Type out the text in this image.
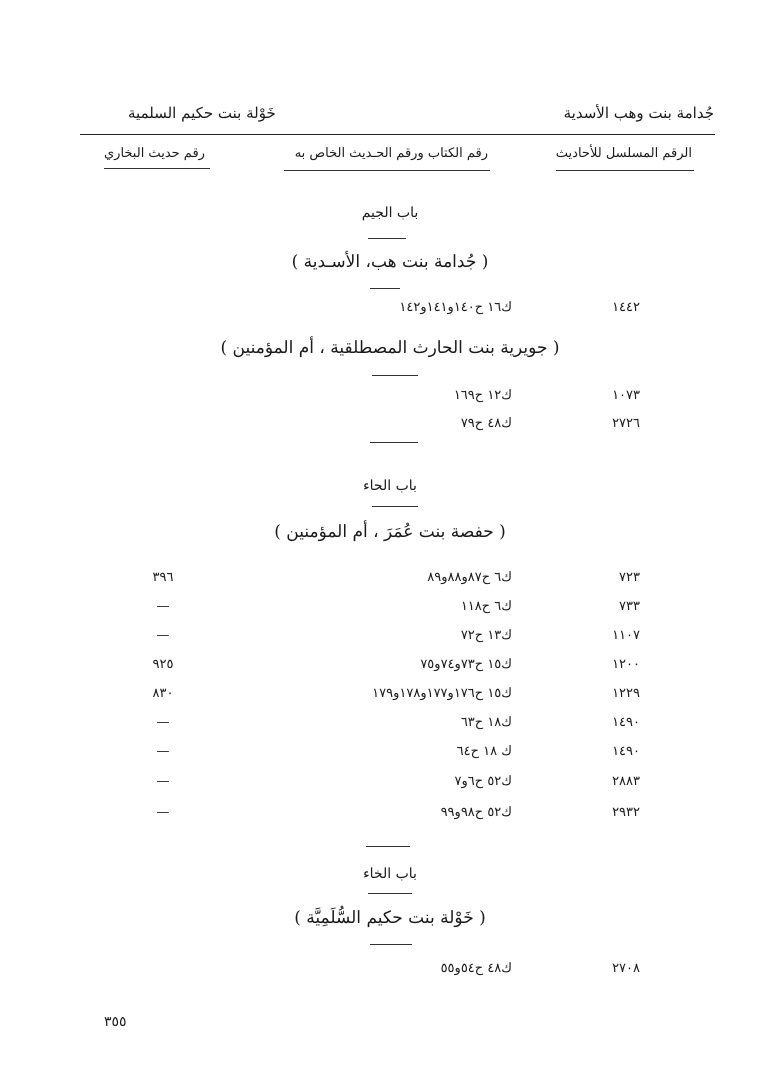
جُدامة بنت وهب الأسدية
خَوْلة بنت حكيم السلمية
الرقم المسلسل للأحاديث
رقم الكتاب ورقم الحـديث الخاص به
رقم حديث البخاري
باب الجيم
( جُدامة بنت هب، الأسـدية )
١٤٤٢
ك١٦ ح١٤٠و١٤١و١٤٢
( جويرية بنت الحارث المصطلقية ، أم المؤمنين )
١٠٧٣
ك١٢ ح١٦٩
٢٧٢٦
ك٤٨ ح٧٩
باب الحاء
( حفصة بنت عُمَرَ ، أم المؤمنين )
٧٢٣
ك٦ ح٨٧و٨٨و٨٩
٣٩٦
٧٣٣
ك٦ ح١١٨
—
١١٠٧
ك١٣ ح٧٢
—
١٢٠٠
ك١٥ ح٧٣و٧٤و٧٥
٩٢٥
١٢٢٩
ك١٥ ح١٧٦و١٧٧و١٧٨و١٧٩
٨٣٠
١٤٩٠
ك١٨ ح٦٣
—
١٤٩٠
ك ١٨ ح٦٤
—
٢٨٨٣
ك٥٢ ح٦و٧
—
٢٩٣٢
ك٥٢ ح٩٨و٩٩
—
باب الخاء
( خَوْلة بنت حكيم السُّلَمِيَّة )
٢٧٠٨
ك٤٨ ح٥٤و٥٥
٣٥٥
